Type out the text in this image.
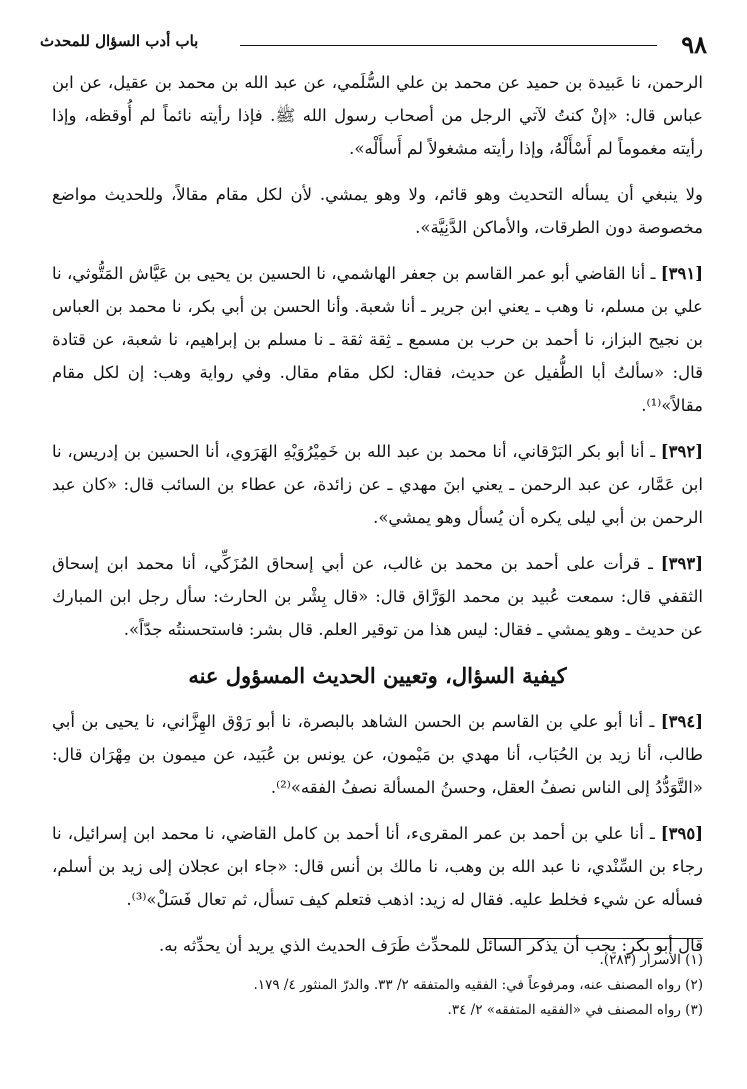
٩٨
باب أدب السؤال للمحدث

الرحمن، نا عَبيدة بن حميد عن محمد بن علي السُّلَمي، عن عبد الله بن محمد بن عقيل، عن ابن عباس قال: «إنْ كنتُ لآتي الرجل من أصحاب رسول الله ﷺ. فإذا رأيته نائماً لم أُوقظه، وإذا رأيته مغموماً لم أَسْأَلْهُ، وإذا رأيته مشغولاً لم أَسأَلْه».

ولا ينبغي أن يسأله التحديث وهو قائم، ولا وهو يمشي. لأن لكل مقام مقالاً، وللحديث مواضع مخصوصة دون الطرقات، والأماكن الدَّنِيَّة».

[٣٩١] ـ أنا القاضي أبو عمر القاسم بن جعفر الهاشمي، نا الحسين بن يحيى بن عَيَّاش المَتُّوثي، نا علي بن مسلم، نا وهب ـ يعني ابن جرير ـ أنا شعبة. وأنا الحسن بن أبي بكر، نا محمد بن العباس بن نجيح البزاز، نا أحمد بن حرب بن مسمع ـ ثِقة ثقة ـ نا مسلم بن إبراهيم، نا شعبة، عن قتادة قال: «سألتُ أبا الطُّفيل عن حديث، فقال: لكل مقام مقال. وفي رواية وهب: إن لكل مقام مقالاً»⁽¹⁾.

[٣٩٢] ـ أنا أبو بكر البَرْقاني، أنا محمد بن عبد الله بن خَمِيْرُوَيْهِ الهَرَوي، أنا الحسين بن إدريس، نا ابن عَمَّار، عن عبد الرحمن ـ يعني ابنَ مهدي ـ عن زائدة، عن عطاء بن السائب قال: «كان عبد الرحمن بن أبي ليلى يكره أن يُسأل وهو يمشي».

[٣٩٣] ـ قرأت على أحمد بن محمد بن غالب، عن أبي إسحاق المُزَكِّي، أنا محمد ابن إسحاق الثقفي قال: سمعت عُبيد بن محمد الوَرَّاق قال: «قال بِشْر بن الحارث: سأل رجل ابن المبارك عن حديث ـ وهو يمشي ـ فقال: ليس هذا من توقير العلم. قال بشر: فاستحسنتُه جدّاً».

كيفية السؤال، وتعيين الحديث المسؤول عنه

[٣٩٤] ـ أنا أبو علي بن القاسم بن الحسن الشاهد بالبصرة، نا أبو رَوْق الهِزَّاني، نا يحيى بن أبي طالب، أنا زيد بن الحُبَاب، أنا مهدي بن مَيْمون، عن يونس بن عُبَيد، عن ميمون بن مِهْرَان قال: «التَّوَدُّدُ إلى الناس نصفُ العقل، وحسنُ المسألة نصفُ الفقه»⁽²⁾.

[٣٩٥] ـ أنا علي بن أحمد بن عمر المقرىء، أنا أحمد بن كامل القاضي، نا محمد ابن إسرائيل، نا رجاء بن السِّنْدي، نا عبد الله بن وهب، نا مالك بن أنس قال: «جاء ابن عجلان إلى زيد بن أسلم، فسأله عن شيء فخلط عليه. فقال له زيد: اذهب فتعلم كيف تسأل، ثم تعال فَسَلْ»⁽³⁾.

قال أبو بكر: يجب أن يذكر السائل للمحدِّث طَرَف الحديث الذي يريد أن يحدِّثه به.

(١) الأسرار (٢٨٣).
(٢) رواه المصنف عنه، ومرفوعاً في: الفقيه والمتفقه ٢/ ٣٣. والدرّ المنثور ٤/ ١٧٩.
(٣) رواه المصنف في «الفقيه المتفقه» ٢/ ٣٤.
